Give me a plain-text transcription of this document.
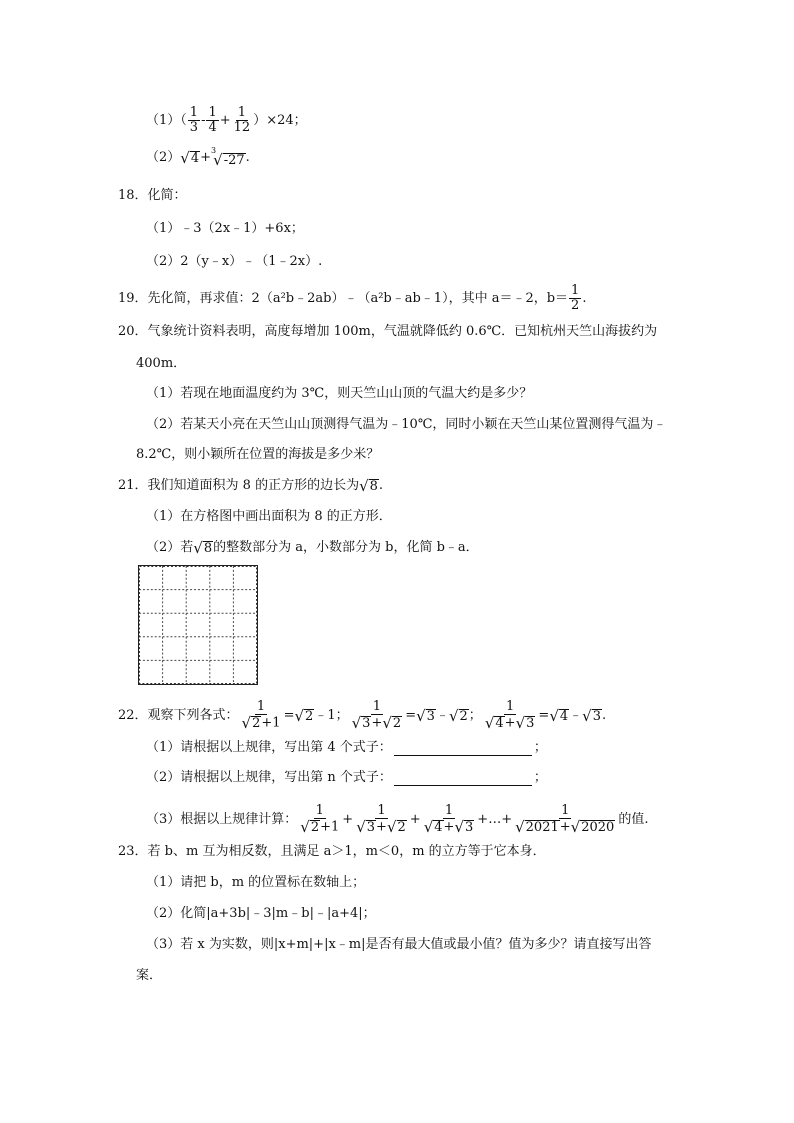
$(1)( \frac{1}{3} - \frac{1}{4} + \frac{1}{12} )\times 24$；
（2） √ 4 + 3
√ -27 .
18．化简：
（1）﹣3（2x﹣1）+6x；
（2）2（y﹣x）﹣（1﹣2x）.
19．先化简，再求值：2（a²b﹣2ab）﹣（a²b﹣ab﹣1），其中 a＝﹣2，$b= \frac{1}{2}$ .
20．气象统计资料表明，高度每增加 100m，气温就降低约 0.6℃．已知杭州天竺山海拔约为
400m．
（1）若现在地面温度约为 3℃，则天竺山山顶的气温大约是多少？
（2）若某天小亮在天竺山山顶测得气温为﹣10℃，同时小颖在天竺山某位置测得气温为﹣
8.2℃，则小颖所在位置的海拔是多少米？
21．我们知道面积为 8 的正方形的边长为 √ 8 .
（1）在方格图中画出面积为 8 的正方形．
（2）若 √ 8 的整数部分为 a，小数部分为 b，化简 b﹣a．
22．观察下列各式： $\frac{1}{√ 2 +1}$ = √ 2 ﹣1； $\frac{1}{√ 3 + √ 2}$ = √ 3 ﹣ √ 2 ； $\frac{1}{√ 4 + √ 3}$ = √ 4 ﹣ √ 3 .
（1）请根据以上规律，写出第 4 个式子：	；
（2）请根据以上规律，写出第 n 个式子：	；
（3）根据以上规律计算： $\frac{1}{√ 2 +1} + \frac{1}{√ 3 + √ 2} + \frac{1}{√ 4 + √ 3}$ +…+ $\frac{1}{√ 2021 + √ 2020}$ 的值.
23．若 b、m 互为相反数，且满足 a＞1，m＜0，m 的立方等于它本身．
（1）请把 b，m 的位置标在数轴上；
（2）化简|a+3b|﹣3|m﹣b|﹣|a+4|；
（3）若 x 为实数，则|x+m|+|x﹣m|是否有最大值或最小值？值为多少？请直接写出答
案．
